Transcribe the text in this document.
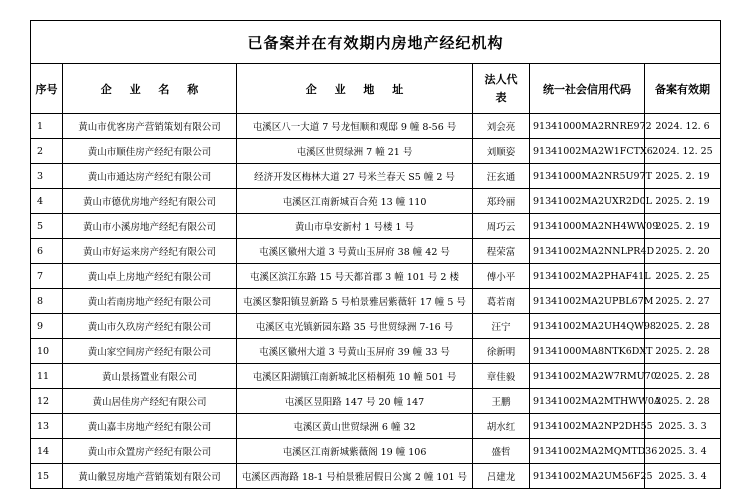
已备案并在有效期内房地产经纪机构					
序号	企 业 名 称	企 业 地 址	法人代表	统一社会信用代码	备案有效期
1	黄山市优客房产营销策划有限公司	屯溪区八一大道 7 号龙恒顺和观邸 9 幢 8-56 号	刘会亮	91341000MA2RNRE972	2024. 12. 6
2	黄山市顺佳房产经纪有限公司	屯溪区世贸绿洲 7 幢 21 号	刘顺姿	91341002MA2W1FCTX6	2024. 12. 25
3	黄山市通达房产经纪有限公司	经济开发区梅林大道 27 号米兰春天 S5 幢 2 号	汪玄通	91341000MA2NR5U97T	2025. 2. 19
4	黄山市德优房地产经纪有限公司	屯溪区江南新城百合苑 13 幢 110	郑玲丽	91341002MA2UXR2D0L	2025. 2. 19
5	黄山市小溪房地产经纪有限公司	黄山市阜安新村 1 号楼 1 号	周巧云	91341000MA2NH4WW09	2025. 2. 19
6	黄山市好运来房产经纪有限公司	屯溪区徽州大道 3 号黄山玉屏府 38 幢 42 号	程荣富	91341002MA2NNLPR4D	2025. 2. 20
7	黄山卓上房地产经纪有限公司	屯溪区滨江东路 15 号天都首郡 3 幢 101 号 2 楼	傅小平	91341002MA2PHAF41L	2025. 2. 25
8	黄山若南房地产经纪有限公司	屯溪区黎阳镇昱新路 5 号柏景雅居紫薇轩 17 幢 5 号	葛若南	91341002MA2UPBL67M	2025. 2. 27
9	黄山市久玖房产经纪有限公司	屯溪区屯光镇新园东路 35 号世贸绿洲 7-16 号	汪宁	91341002MA2UH4QW98	2025. 2. 28
10	黄山家空间房产经纪有限公司	屯溪区徽州大道 3 号黄山玉屏府 39 幢 33 号	徐新明	91341000MA8NTK6DXT	2025. 2. 28
11	黄山景扬置业有限公司	屯溪区阳湖镇江南新城北区梧桐苑 10 幢 501 号	章佳毅	91341002MA2W7RMU70	2025. 2. 28
12	黄山居佳房产经纪有限公司	屯溪区昱阳路 147 号 20 幢 147	王鹏	91341002MA2MTHWW0A	2025. 2. 28
13	黄山嘉丰房地产经纪有限公司	屯溪区黄山世贸绿洲 6 幢 32	胡水红	91341002MA2NP2DH55	2025. 3. 3
14	黄山市众置房产经纪有限公司	屯溪区江南新城紫薇阁 19 幢 106	盛哲	91341002MA2MQMTD36	2025. 3. 4
15	黄山徽昱房地产营销策划有限公司	屯溪区西海路 18-1 号柏景雅居假日公寓 2 幢 101 号	吕建龙	91341002MA2UM56F25	2025. 3. 4
